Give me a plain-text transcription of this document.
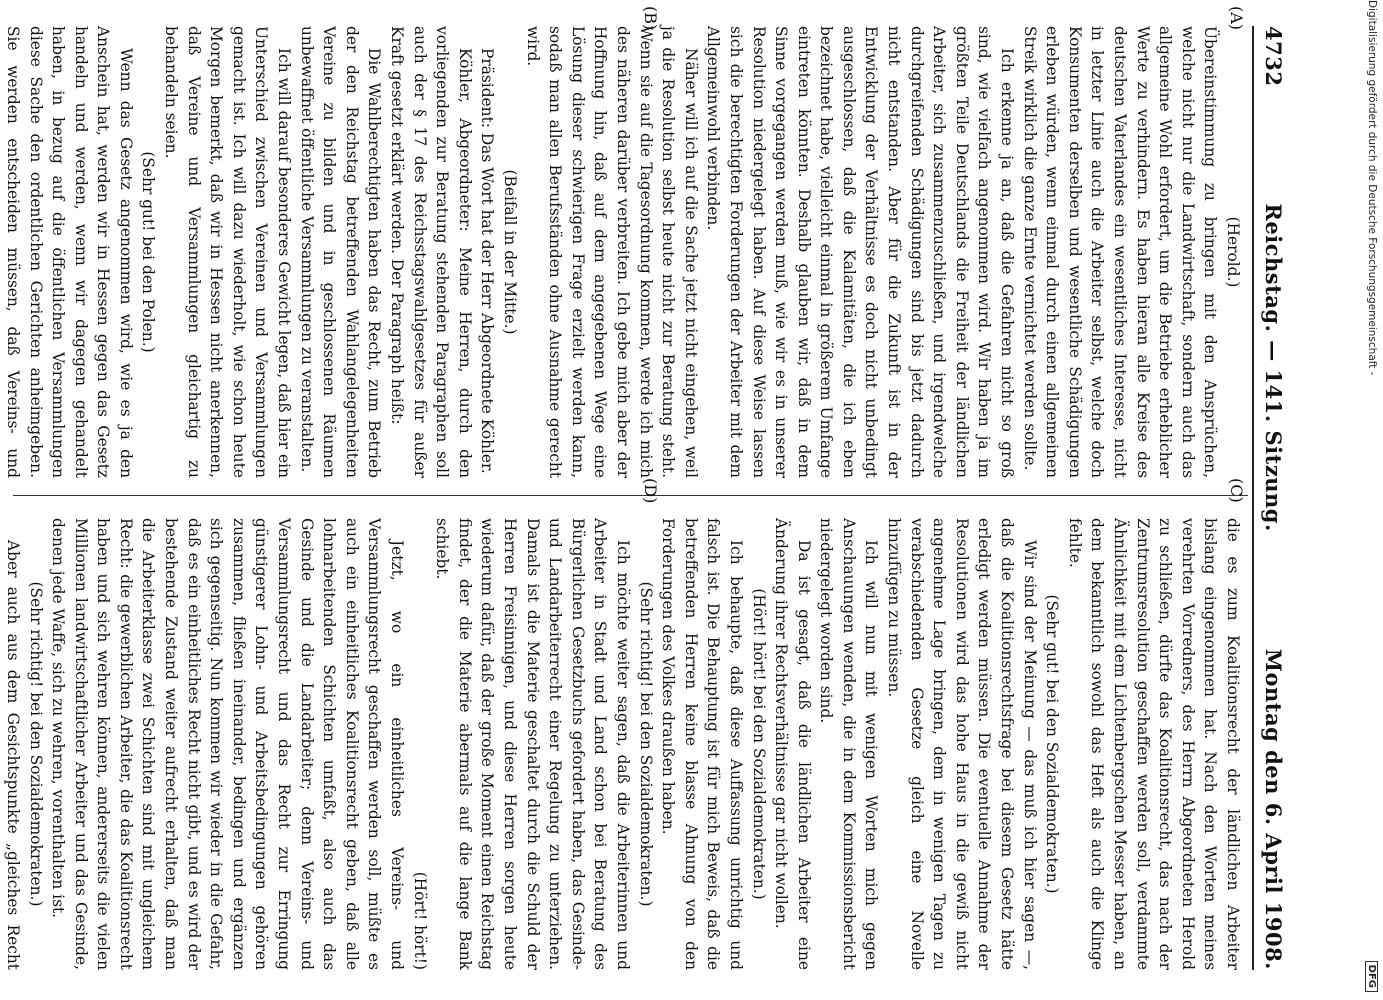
4732
Reichstag. — 141. Sitzung.
Montag den 6. April 1908.

(Herold.)

Übereinstimmung zu bringen mit den Ansprüchen, welche nicht nur die Landwirtschaft, sondern auch das allgemeine Wohl erfordert, um die Betriebe erheblicher Werte zu verhindern. Es haben hieran alle Kreise des deutschen Vaterlandes ein wesentliches Interesse, nicht in letzter Linie auch die Arbeiter selbst, welche doch Konsumenten derselben und wesentliche Schädigungen erleben würden, wenn einmal durch einen allgemeinen Streik wirklich die ganze Ernte vernichtet werden sollte.

Ich erkenne ja an, daß die Gefahren nicht so groß sind, wie vielfach angenommen wird. Wir haben ja im größten Teile Deutschlands die Freiheit der ländlichen Arbeiter, sich zusammenzuschließen, und irgendwelche durchgreifenden Schädigungen sind bis jetzt dadurch nicht entstanden. Aber für die Zukunft ist in der Entwicklung der Verhältnisse es doch nicht unbedingt ausgeschlossen, daß die Kalamitäten, die ich eben bezeichnet habe, vielleicht einmal in größerem Umfange eintreten könnten. Deshalb glauben wir, daß in dem Sinne vorgegangen werden muß, wie wir es in unserer Resolution niedergelegt haben. Auf diese Weise lassen sich die berechtigten Forderungen der Arbeiter mit dem Allgemeinwohl verbinden.

Näher will ich auf die Sache jetzt nicht eingehen, weil ja die Resolution selbst heute nicht zur Beratung steht. Wenn sie auf die Tagesordnung kommen, werde ich mich des näheren darüber verbreiten. Ich gebe mich aber der Hoffnung hin, daß auf dem angegebenen Wege eine Lösung dieser schwierigen Frage erzielt werden kann, sodaß man allen Berufsständen ohne Ausnahme gerecht wird.

(Beifall in der Mitte.)

Präsident: Das Wort hat der Herr Abgeordnete Köhler.

Köhler, Abgeordneter: Meine Herren, durch den vorliegenden zur Beratung stehenden Paragraphen soll auch der § 17 des Reichsstagswahlgesetzes für außer Kraft gesetzt erklärt werden. Der Paragraph heißt:

Die Wahlberechtigten haben das Recht, zum Betrieb der den Reichstag betreffenden Wahlangelegenheiten Vereine zu bilden und in geschlossenen Räumen unbewaffnet öffentliche Versammlungen zu veranstalten.

Ich will darauf besonderes Gewicht legen, daß hier ein Unterschied zwischen Vereinen und Versammlungen gemacht ist. Ich will dazu wiederholt, wie schon heute Morgen bemerkt, daß wir in Hessen nicht anerkennen, daß Vereine und Versammlungen gleichartig zu behandeln seien.

(Sehr gut! bei den Polen.)

Wenn das Gesetz angenommen wird, wie es ja den Anschein hat, werden wir in Hessen gegen das Gesetz handeln und werden, wenn wir dagegen gehandelt haben, in bezug auf die öffentlichen Versammlungen diese Sache den ordentlichen Gerichten anheimgeben. Sie werden entscheiden müssen, daß Vereins- und

die es zum Koalitionsrecht der ländlichen Arbeiter bislang eingenommen hat. Nach den Worten meines verehrten Vorredners, des Herrn Abgeordneten Herold zu schließen, dürfte das Koalitionsrecht, das nach der Zentrumsresolution geschaffen werden soll, verdammte Ähnlichkeit mit dem Lichtenbergschen Messer haben, an dem bekanntlich sowohl das Heft als auch die Klinge fehlte.

(Sehr gut! bei den Sozialdemokraten.)

Wir sind der Meinung — das muß ich hier sagen —, daß die Koalitionsrechtsfrage bei diesem Gesetz hätte erledigt werden müssen. Die eventuelle Annahme der Resolutionen wird das hohe Haus in die gewiß nicht angenehme Lage bringen, dem in wenigen Tagen zu verabschiedenden Gesetze gleich eine Novelle hinzufügen zu müssen.

Ich will nun mit wenigen Worten mich gegen Anschauungen wenden, die in dem Kommissionsbericht niedergelegt worden sind.

Da ist gesagt, daß die ländlichen Arbeiter eine Änderung ihrer Rechtsverhältnisse gar nicht wollen.

(Hört! hört! bei den Sozialdemokraten.)

Ich behaupte, daß diese Auffassung unrichtig und falsch ist. Die Behauptung ist für mich Beweis, daß die betreffenden Herren keine blasse Ahnung von den Forderungen des Volkes draußen haben.

(Sehr richtig! bei den Sozialdemokraten.)

Ich möchte weiter sagen, daß die Arbeiterinnen und Arbeiter in Stadt und Land schon bei Beratung des Bürgerlichen Gesetzbuchs gefordert haben, das Gesinde- und Landarbeiterrecht einer Regelung zu unterziehen. Damals ist die Materie geschaltet durch die Schuld der Herren Freisinnigen, und diese Herren sorgen heute wiederum dafür, daß der große Moment einen Reichstag findet, der die Materie abermals auf die lange Bank schiebt.

(Hört! hört!)

Jetzt, wo ein einheitliches Vereins- und Versammlungsrecht geschaffen werden soll, müßte es auch ein einheitliches Koalitionsrecht geben, daß alle lohnarbeitenden Schichten umfaßt, also auch das Gesinde und die Landarbeiter; denn Vereins- und Versammlungsrecht und das Recht zur Erringung günstigerer Lohn- und Arbeitsbedingungen gehören zusammen, fließen ineinander, bedingen und ergänzen sich gegenseitig. Nun kommen wir wieder in die Gefahr, daß es ein einheitliches Recht nicht gibt, und es wird der bestehende Zustand weiter aufrecht erhalten, daß man die Arbeiterklasse zwei Schichten sind mit ungleichem Recht: die gewerblichen Arbeiter, die das Koalitionsrecht haben und sich wehren können, andererseits die vielen Millionen landwirtschaftlicher Arbeiter und das Gesinde, denen jede Waffe, sich zu wehren, vorenthalten ist.

(Sehr richtig! bei den Sozialdemokraten.)

Aber auch aus dem Gesichtspunkte „gleiches Recht

(A)
(B)
(C)
(D)
Digitalisierung gefördert durch die Deutsche Forschungsgemeinschaft -
DFG
